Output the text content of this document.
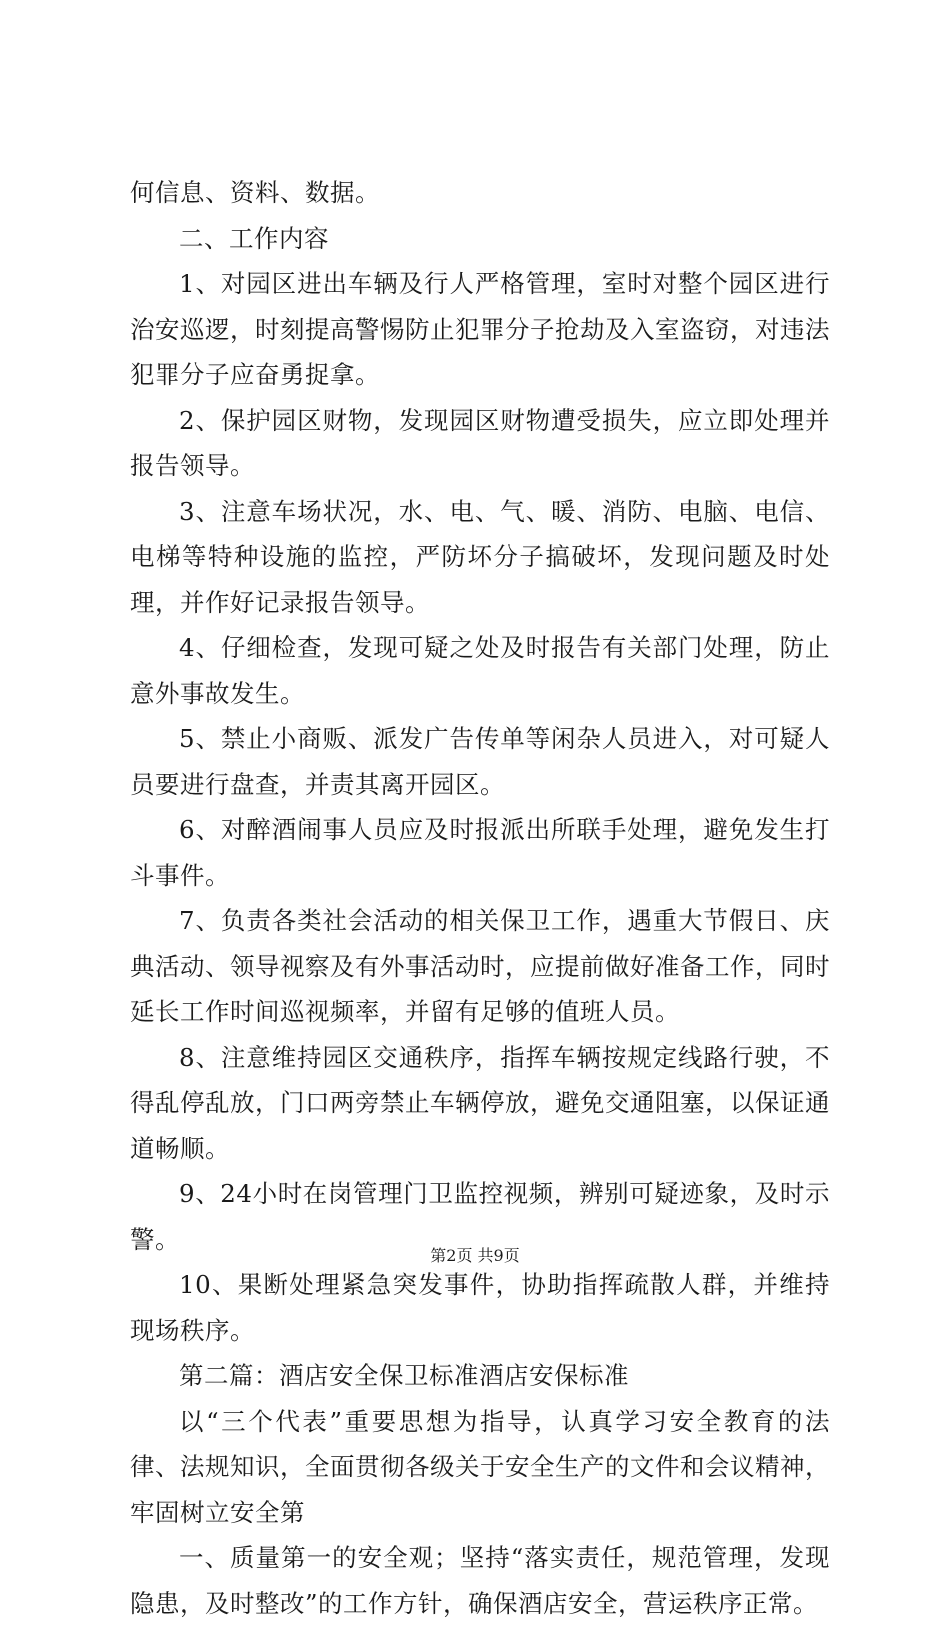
何信息、资料、数据。

二、工作内容

1、对园区进出车辆及行人严格管理，室时对整个园区进行治安巡逻，时刻提高警惕防止犯罪分子抢劫及入室盗窃，对违法犯罪分子应奋勇捉拿。

2、保护园区财物，发现园区财物遭受损失，应立即处理并报告领导。

3、注意车场状况，水、电、气、暖、消防、电脑、电信、电梯等特种设施的监控，严防坏分子搞破坏，发现问题及时处理，并作好记录报告领导。

4、仔细检查，发现可疑之处及时报告有关部门处理，防止意外事故发生。

5、禁止小商贩、派发广告传单等闲杂人员进入，对可疑人员要进行盘查，并责其离开园区。

6、对醉酒闹事人员应及时报派出所联手处理，避免发生打斗事件。

7、负责各类社会活动的相关保卫工作，遇重大节假日、庆典活动、领导视察及有外事活动时，应提前做好准备工作，同时延长工作时间巡视频率，并留有足够的值班人员。

8、注意维持园区交通秩序，指挥车辆按规定线路行驶，不得乱停乱放，门口两旁禁止车辆停放，避免交通阻塞，以保证通道畅顺。

9、24小时在岗管理门卫监控视频，辨别可疑迹象，及时示警。

10、果断处理紧急突发事件，协助指挥疏散人群，并维持现场秩序。

第二篇：酒店安全保卫标准酒店安保标准

以“三个代表”重要思想为指导，认真学习安全教育的法律、法规知识，全面贯彻各级关于安全生产的文件和会议精神，牢固树立安全第

一、质量第一的安全观；坚持“落实责任，规范管理，发现隐患，及时整改”的工作方针，确保酒店安全，营运秩序正常。

第2页 共9页
